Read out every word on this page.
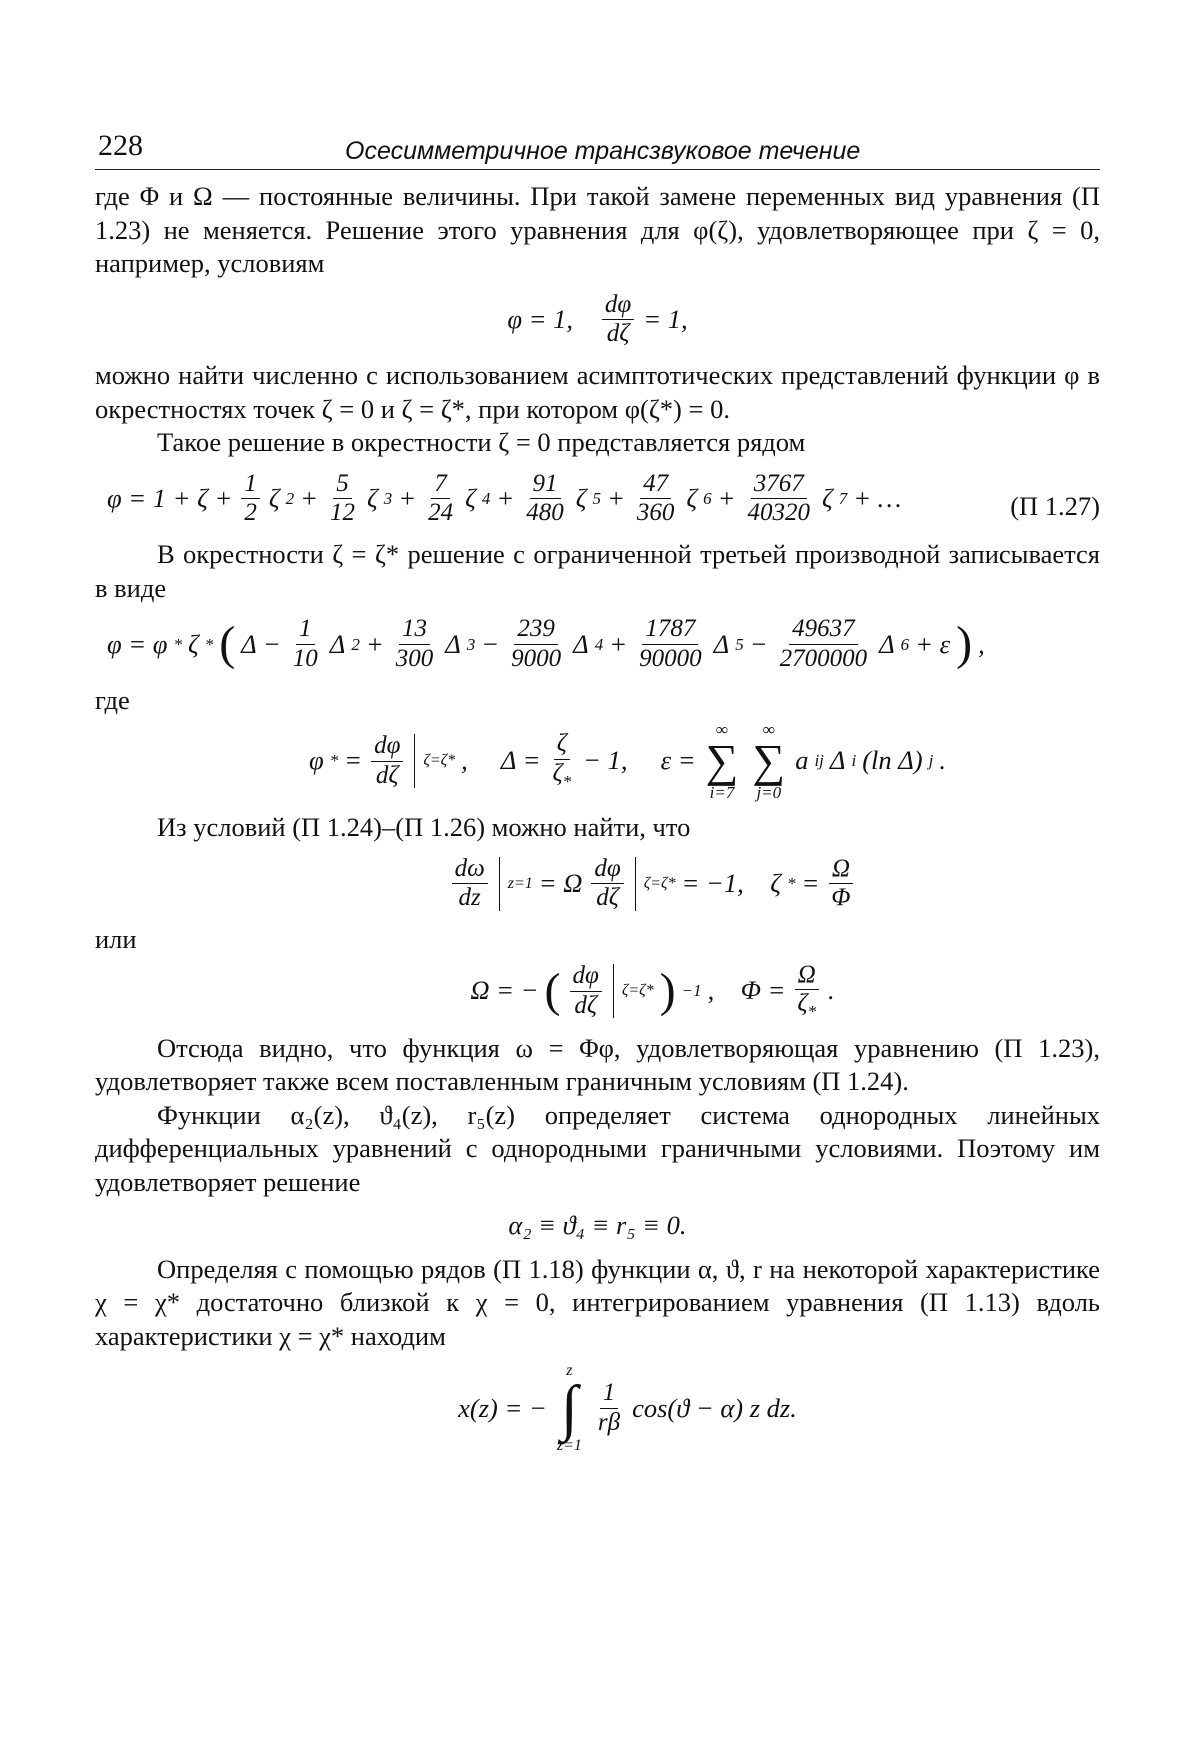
228	Осесимметричное трансзвуковое течение

где Φ и Ω — постоянные величины. При такой замене переменных вид уравнения (П 1.23) не меняется. Решение этого уравнения для φ(ζ), удовлетворяющее при ζ = 0, например, условиям

φ = 1, $\frac{d\varphi}{d\zeta} = 1$,

можно найти численно с использованием асимптотических представлений функции φ в окрестностях точек ζ = 0 и ζ = ζ*, при котором φ(ζ*) = 0.

Такое решение в окрестности ζ = 0 представляется рядом

$\varphi = 1 + \zeta + \frac{1}{2}$ ζ $2 + \frac{5}{12}$ ζ $3 + \frac{7}{24}$ ζ $4 + \frac{91}{480}$ ζ $5 + \frac{47}{360}$ ζ $6 + \frac{3767}{40320}$ ζ 7 + …	(П 1.27)

В окрестности ζ = ζ* решение с ограниченной третьей производной записывается в виде

φ = φ * ζ * ( $\Delta - \frac{1}{10}$ Δ $2 + \frac{13}{300}$ Δ $3 - \frac{239}{9000}$ Δ $4 + \frac{1787}{90000}$ Δ $5 - \frac{49637}{2700000}$ Δ 6 + ε ) ,
где
φ * = $\frac{d\varphi}{d\zeta} \zeta=\zeta*$ ,     $\Delta = \frac{\zeta}{\zeta_*} - 1$,     ε =
∞
∑
i=7
∞
∑
j=0
a ij Δ i (ln Δ) j .

Из условий (П 1.24)–(П 1.26) можно найти, что

$\frac{d\omega}{dz} z=1 = \Omega \frac{d\varphi}{d\zeta} \zeta=\zeta* = -1$,    ζ * = $\frac{\Omega}{\Phi}$
или
Ω = − ( $\frac{d\varphi}{d\zeta} \zeta=\zeta*$ ) −1 ,    $\Phi = \frac{\Omega}{\zeta_*}$ .

Отсюда видно, что функция ω = Φφ, удовлетворяющая уравнению (П 1.23), удовлетворяет также всем поставленным граничным условиям (П 1.24).

Функции α₂(z), ϑ₄(z), r₅(z) определяет система однородных линейных дифференциальных уравнений с однородными граничными условиями. Поэтому им удовлетворяет решение

α₂ ≡ ϑ₄ ≡ r₅ ≡ 0.

Определяя с помощью рядов (П 1.18) функции α, ϑ, r на некоторой характеристике χ = χ* достаточно близкой к χ = 0, интегрированием уравнения (П 1.13) вдоль характеристики χ = χ* находим

x(z) = −
z
∫
z=1
$\frac{1}{r\beta} \cos(ϑ - \alpha)$ z dz.
